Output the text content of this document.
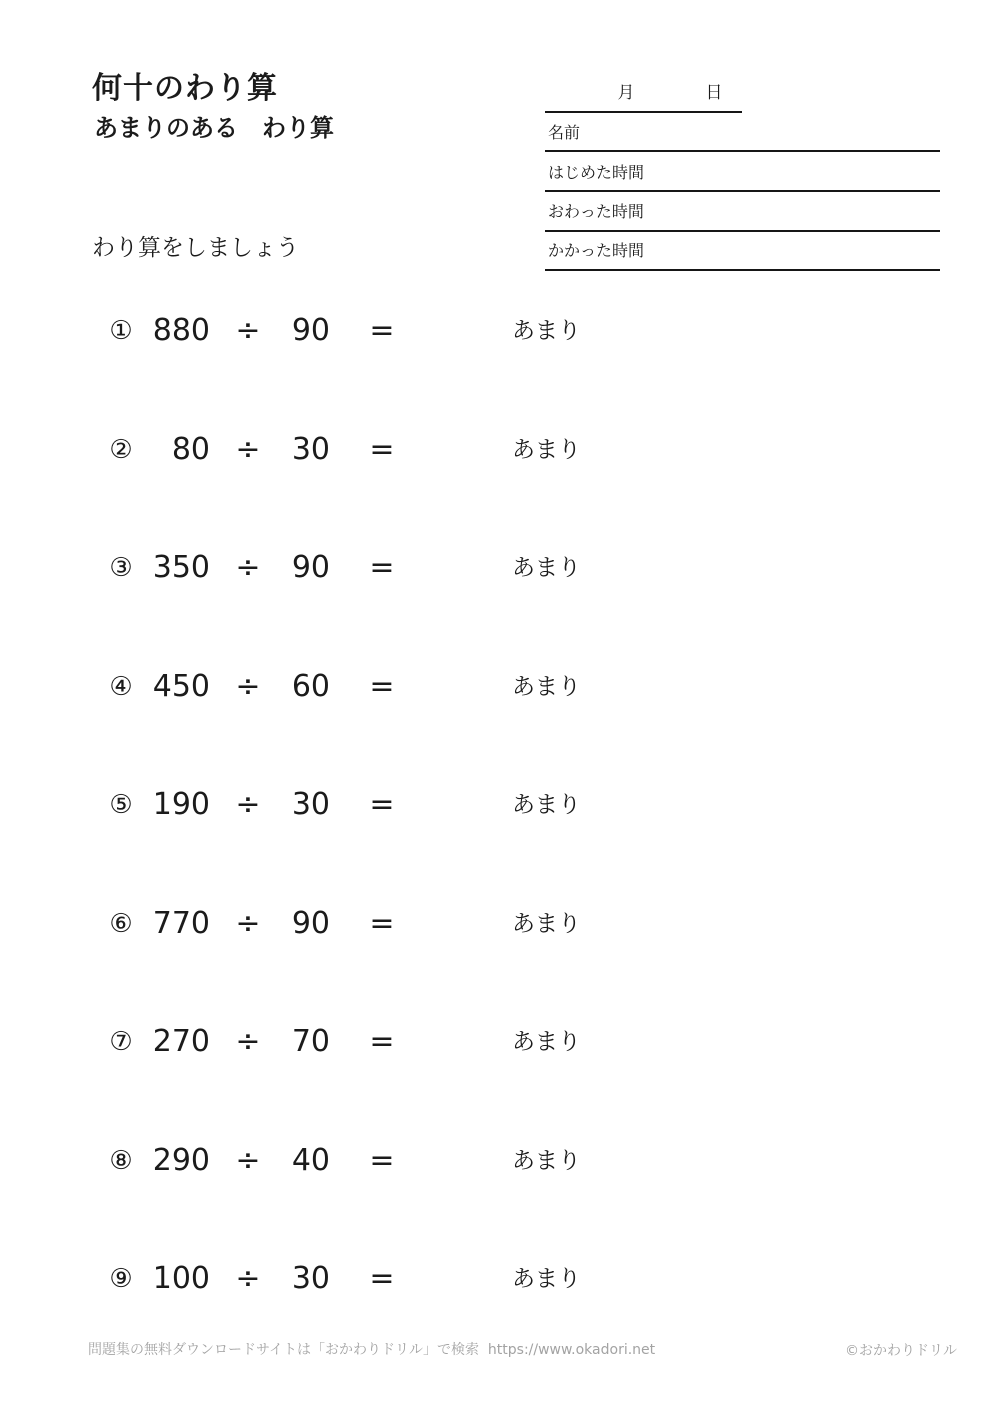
何十のわり算
あまりのある　わり算
わり算をしましょう
月	日
名前
はじめた時間
おわった時間
かかった時間
① 880 ÷	90 =	あまり
②	80 ÷	30 =	あまり
③ 350 ÷	90 =	あまり
④ 450 ÷	60 =	あまり
⑤ 190 ÷	30 =	あまり
⑥ 770 ÷	90 =	あまり
⑦ 270 ÷	70 =	あまり
⑧ 290 ÷	40 =	あまり
⑨ 100 ÷	30 =	あまり
問題集の無料ダウンロードサイトは「おかわりドリル」で検索  https://www.okadori.net	©おかわりドリル
